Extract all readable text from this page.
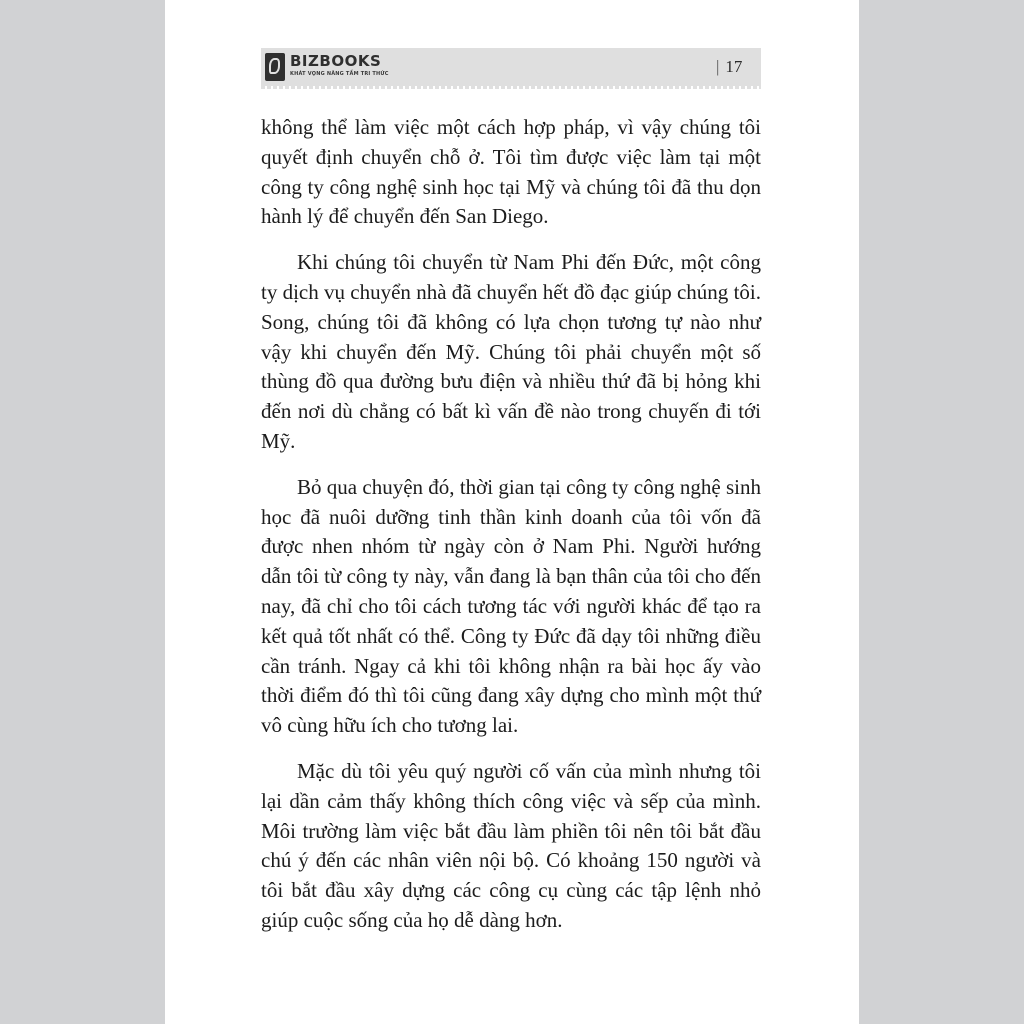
BIZBOOKS
KHÁT VỌNG NÂNG TẦM TRI THỨC	| 17

không thể làm việc một cách hợp pháp, vì vậy chúng tôi quyết định chuyển chỗ ở. Tôi tìm được việc làm tại một công ty công nghệ sinh học tại Mỹ và chúng tôi đã thu dọn hành lý để chuyển đến San Diego.

Khi chúng tôi chuyển từ Nam Phi đến Đức, một công ty dịch vụ chuyển nhà đã chuyển hết đồ đạc giúp chúng tôi. Song, chúng tôi đã không có lựa chọn tương tự nào như vậy khi chuyển đến Mỹ. Chúng tôi phải chuyển một số thùng đồ qua đường bưu điện và nhiều thứ đã bị hỏng khi đến nơi dù chẳng có bất kì vấn đề nào trong chuyến đi tới Mỹ.

Bỏ qua chuyện đó, thời gian tại công ty công nghệ sinh học đã nuôi dưỡng tinh thần kinh doanh của tôi vốn đã được nhen nhóm từ ngày còn ở Nam Phi. Người hướng dẫn tôi từ công ty này, vẫn đang là bạn thân của tôi cho đến nay, đã chỉ cho tôi cách tương tác với người khác để tạo ra kết quả tốt nhất có thể. Công ty Đức đã dạy tôi những điều cần tránh. Ngay cả khi tôi không nhận ra bài học ấy vào thời điểm đó thì tôi cũng đang xây dựng cho mình một thứ vô cùng hữu ích cho tương lai.

Mặc dù tôi yêu quý người cố vấn của mình nhưng tôi lại dần cảm thấy không thích công việc và sếp của mình. Môi trường làm việc bắt đầu làm phiền tôi nên tôi bắt đầu chú ý đến các nhân viên nội bộ. Có khoảng 150 người và tôi bắt đầu xây dựng các công cụ cùng các tập lệnh nhỏ giúp cuộc sống của họ dễ dàng hơn.
